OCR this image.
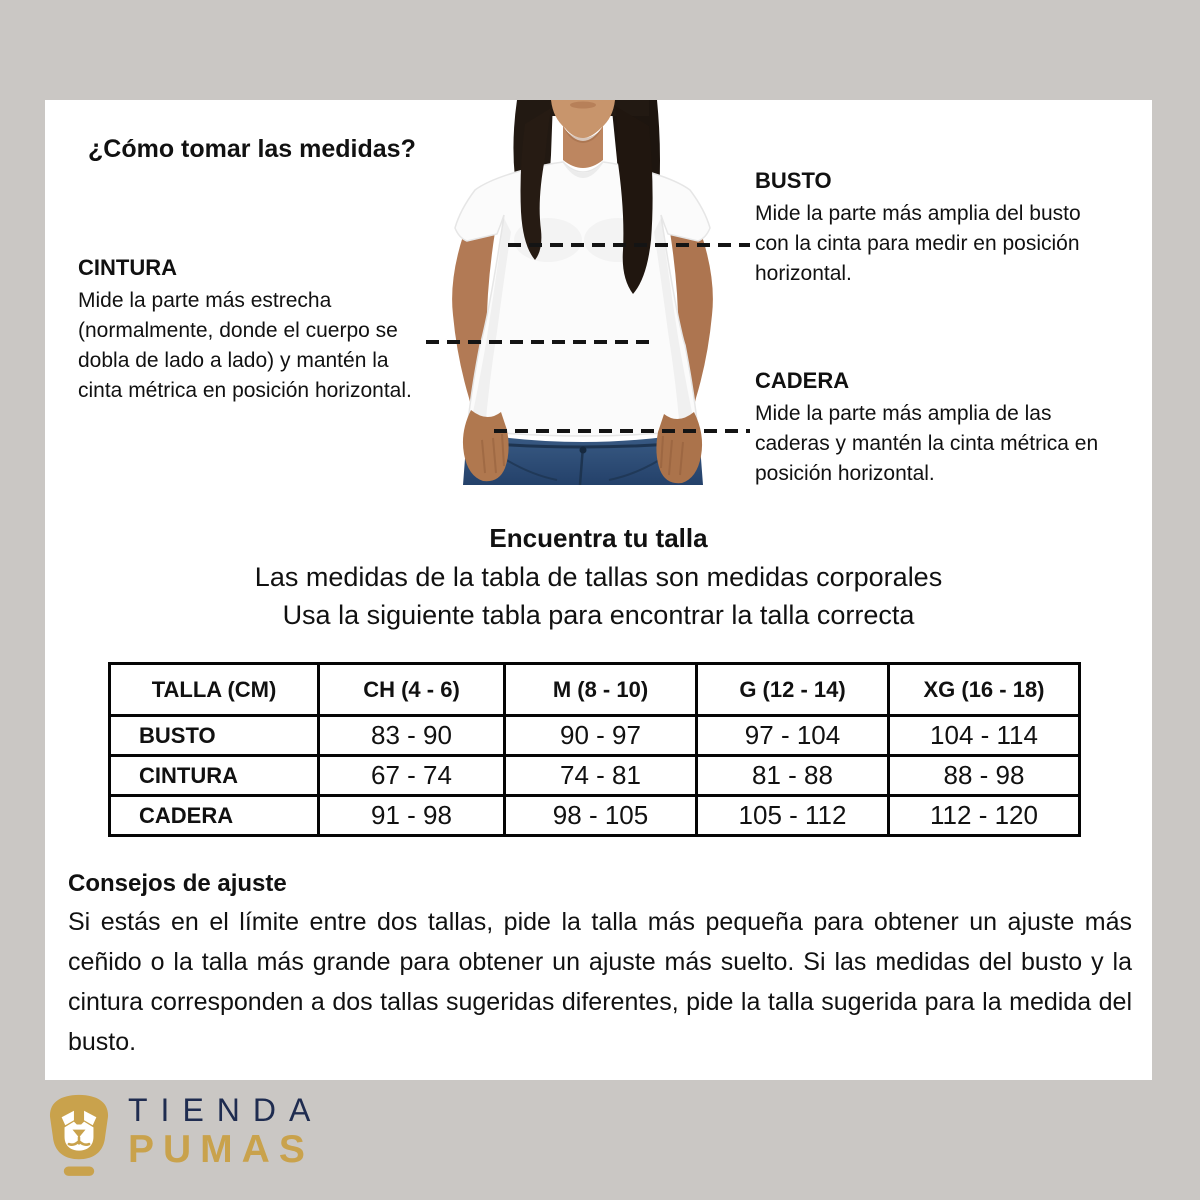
¿Cómo tomar las medidas?
CINTURA

Mide la parte más estrecha (normalmente, donde el cuerpo se dobla de lado a lado) y mantén la cinta métrica en posición horizontal.

BUSTO

Mide la parte más amplia del busto con la cinta para medir en posición horizontal.

CADERA

Mide la parte más amplia de las caderas y mantén la cinta métrica en posición horizontal.

Encuentra tu talla
Las medidas de la tabla de tallas son medidas corporales
Usa la siguiente tabla para encontrar la talla correcta
TALLA (CM)	CH (4 - 6)	M (8 - 10)	G (12 - 14)	XG (16 - 18)
BUSTO	83 - 90	90 - 97	97 - 104	104 - 114
CINTURA	67 - 74	74 - 81	81 - 88	88 - 98
CADERA	91 - 98	98 - 105	105 - 112	112 - 120
Consejos de ajuste
Si estás en el límite entre dos tallas, pide la talla más pequeña para obtener un ajuste más ceñido o la talla más grande para obtener un ajuste más suelto. Si las medidas del busto y la cintura corresponden a dos tallas sugeridas diferentes, pide la talla sugerida para la medida del busto.
TIENDA
PUMAS
